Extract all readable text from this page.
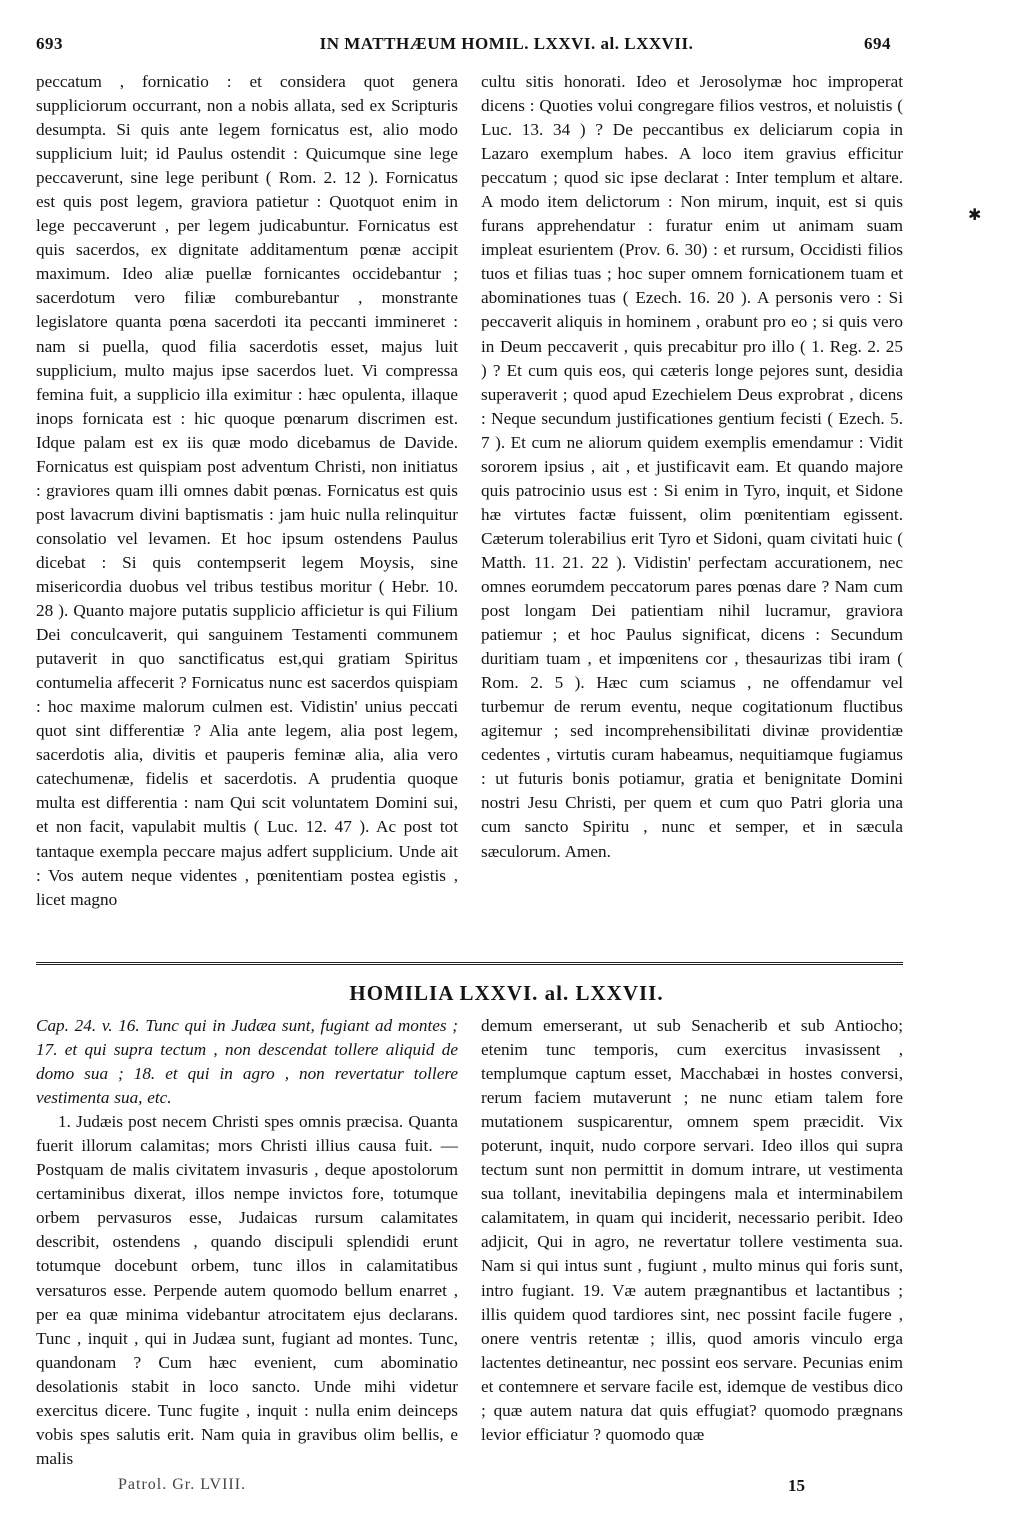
693	IN MATTHÆUM HOMIL. LXXVI. al. LXXVII.	694
✱

peccatum , fornicatio : et considera quot genera suppliciorum occurrant, non a nobis allata, sed ex Scripturis desumpta. Si quis ante legem fornicatus est, alio modo supplicium luit; id Paulus ostendit : Quicumque sine lege peccaverunt, sine lege peribunt ( Rom. 2. 12 ). Fornicatus est quis post legem, graviora patietur : Quotquot enim in lege peccaverunt , per legem judicabuntur. Fornicatus est quis sacerdos, ex dignitate additamentum pœnæ accipit maximum. Ideo aliæ puellæ fornicantes occidebantur ; sacerdotum vero filiæ comburebantur , monstrante legislatore quanta pœna sacerdoti ita peccanti immineret : nam si puella, quod filia sacerdotis esset, majus luit supplicium, multo majus ipse sacerdos luet. Vi compressa femina fuit, a supplicio illa eximitur : hæc opulenta, illaque inops fornicata est : hic quoque pœnarum discrimen est. Idque palam est ex iis quæ modo dicebamus de Davide. Fornicatus est quispiam post adventum Christi, non initiatus : graviores quam illi omnes dabit pœnas. Fornicatus est quis post lavacrum divini baptismatis : jam huic nulla relinquitur consolatio vel levamen. Et hoc ipsum ostendens Paulus dicebat : Si quis contempserit legem Moysis, sine misericordia duobus vel tribus testibus moritur ( Hebr. 10. 28 ). Quanto majore putatis supplicio afficietur is qui Filium Dei conculcaverit, qui sanguinem Testamenti communem putaverit in quo sanctificatus est,qui gratiam Spiritus contumelia affecerit ? Fornicatus nunc est sacerdos quispiam : hoc maxime malorum culmen est. Vidistin' unius peccati quot sint differentiæ ? Alia ante legem, alia post legem, sacerdotis alia, divitis et pauperis feminæ alia, alia vero catechumenæ, fidelis et sacerdotis. A prudentia quoque multa est differentia : nam Qui scit voluntatem Domini sui, et non facit, vapulabit multis ( Luc. 12. 47 ). Ac post tot tantaque exempla peccare majus adfert supplicium. Unde ait : Vos autem neque videntes , pœnitentiam postea egistis , licet magno

cultu sitis honorati. Ideo et Jerosolymæ hoc improperat dicens : Quoties volui congregare filios vestros, et noluistis ( Luc. 13. 34 ) ? De peccantibus ex deliciarum copia in Lazaro exemplum habes. A loco item gravius efficitur peccatum ; quod sic ipse declarat : Inter templum et altare. A modo item delictorum : Non mirum, inquit, est si quis furans apprehendatur : furatur enim ut animam suam impleat esurientem (Prov. 6. 30) : et rursum, Occidisti filios tuos et filias tuas ; hoc super omnem fornicationem tuam et abominationes tuas ( Ezech. 16. 20 ). A personis vero : Si peccaverit aliquis in hominem , orabunt pro eo ; si quis vero in Deum peccaverit , quis precabitur pro illo ( 1. Reg. 2. 25 ) ? Et cum quis eos, qui cæteris longe pejores sunt, desidia superaverit ; quod apud Ezechielem Deus exprobrat , dicens : Neque secundum justificationes gentium fecisti ( Ezech. 5. 7 ). Et cum ne aliorum quidem exemplis emendamur : Vidit sororem ipsius , ait , et justificavit eam. Et quando majore quis patrocinio usus est : Si enim in Tyro, inquit, et Sidone hæ virtutes factæ fuissent, olim pœnitentiam egissent. Cæterum tolerabilius erit Tyro et Sidoni, quam civitati huic ( Matth. 11. 21. 22 ). Vidistin' perfectam accurationem, nec omnes eorumdem peccatorum pares pœnas dare ? Nam cum post longam Dei patientiam nihil lucramur, graviora patiemur ; et hoc Paulus significat, dicens : Secundum duritiam tuam , et impœnitens cor , thesaurizas tibi iram ( Rom. 2. 5 ). Hæc cum sciamus , ne offendamur vel turbemur de rerum eventu, neque cogitationum fluctibus agitemur ; sed incomprehensibilitati divinæ providentiæ cedentes , virtutis curam habeamus, nequitiamque fugiamus : ut futuris bonis potiamur, gratia et benignitate Domini nostri Jesu Christi, per quem et cum quo Patri gloria una cum sancto Spiritu , nunc et semper, et in sæcula sæculorum. Amen.

HOMILIA LXXVI. al. LXXVII.

Cap. 24. v. 16. Tunc qui in Judæa sunt, fugiant ad montes ; 17. et qui supra tectum , non descendat tollere aliquid de domo sua ; 18. et qui in agro , non revertatur tollere vestimenta sua, etc.

1. Judæis post necem Christi spes omnis præcisa. Quanta fuerit illorum calamitas; mors Christi illius causa fuit. —Postquam de malis civitatem invasuris , deque apostolorum certaminibus dixerat, illos nempe invictos fore, totumque orbem pervasuros esse, Judaicas rursum calamitates describit, ostendens , quando discipuli splendidi erunt totumque docebunt orbem, tunc illos in calamitatibus versaturos esse. Perpende autem quomodo bellum enarret , per ea quæ minima videbantur atrocitatem ejus declarans. Tunc , inquit , qui in Judæa sunt, fugiant ad montes. Tunc, quandonam ? Cum hæc evenient, cum abominatio desolationis stabit in loco sancto. Unde mihi videtur exercitus dicere. Tunc fugite , inquit : nulla enim deinceps vobis spes salutis erit. Nam quia in gravibus olim bellis, e malis

demum emerserant, ut sub Senacherib et sub Antiocho; etenim tunc temporis, cum exercitus invasissent , templumque captum esset, Macchabæi in hostes conversi, rerum faciem mutaverunt ; ne nunc etiam talem fore mutationem suspicarentur, omnem spem præcidit. Vix poterunt, inquit, nudo corpore servari. Ideo illos qui supra tectum sunt non permittit in domum intrare, ut vestimenta sua tollant, inevitabilia depingens mala et interminabilem calamitatem, in quam qui inciderit, necessario peribit. Ideo adjicit, Qui in agro, ne revertatur tollere vestimenta sua. Nam si qui intus sunt , fugiunt , multo minus qui foris sunt, intro fugiant. 19. Væ autem prægnantibus et lactantibus ; illis quidem quod tardiores sint, nec possint facile fugere , onere ventris retentæ ; illis, quod amoris vinculo erga lactentes detineantur, nec possint eos servare. Pecunias enim et contemnere et servare facile est, idemque de vestibus dico ; quæ autem natura dat quis effugiat? quomodo prægnans levior efficiatur ? quomodo quæ

Patrol. Gr. LVIII.	15
